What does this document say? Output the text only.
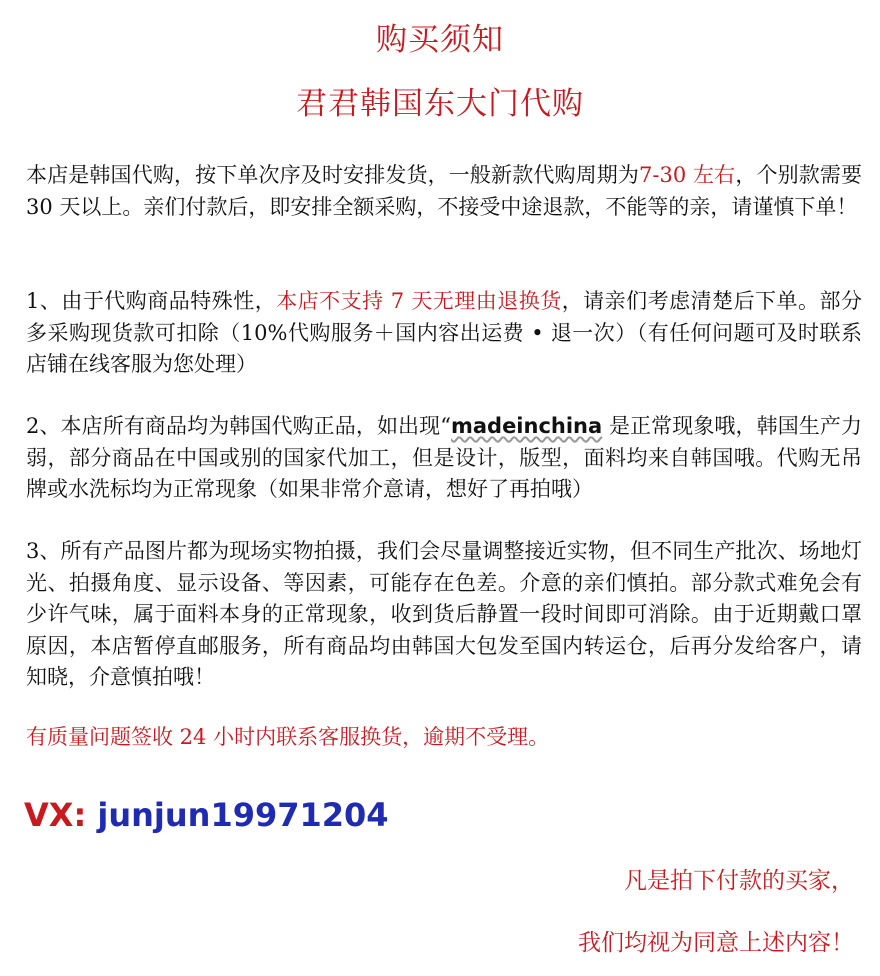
购买须知
君君韩国东大门代购
本店是韩国代购，按下单次序及时安排发货，一般新款代购周期为7-30 左右，个别款需要 30 天以上。亲们付款后，即安排全额采购，不接受中途退款，不能等的亲，请谨慎下单！
1、由于代购商品特殊性，本店不支持 7 天无理由退换货，请亲们考虑清楚后下单。部分多采购现货款可扣除（10%代购服务＋国内容出运费 • 退一次）（有任何问题可及时联系店铺在线客服为您处理）
2、本店所有商品均为韩国代购正品，如出现“madeinchina 是正常现象哦，韩国生产力弱，部分商品在中国或别的国家代加工，但是设计，版型，面料均来自韩国哦。代购无吊牌或水洗标均为正常现象（如果非常介意请，想好了再拍哦）
3、所有产品图片都为现场实物拍摄，我们会尽量调整接近实物，但不同生产批次、场地灯光、拍摄角度、显示设备、等因素，可能存在色差。介意的亲们慎拍。部分款式难免会有少许气味，属于面料本身的正常现象，收到货后静置一段时间即可消除。由于近期戴口罩原因，本店暂停直邮服务，所有商品均由韩国大包发至国内转运仓，后再分发给客户，请知晓，介意慎拍哦！
有质量问题签收 24 小时内联系客服换货，逾期不受理。
VX: junjun19971204
凡是拍下付款的买家，
我们均视为同意上述内容！
